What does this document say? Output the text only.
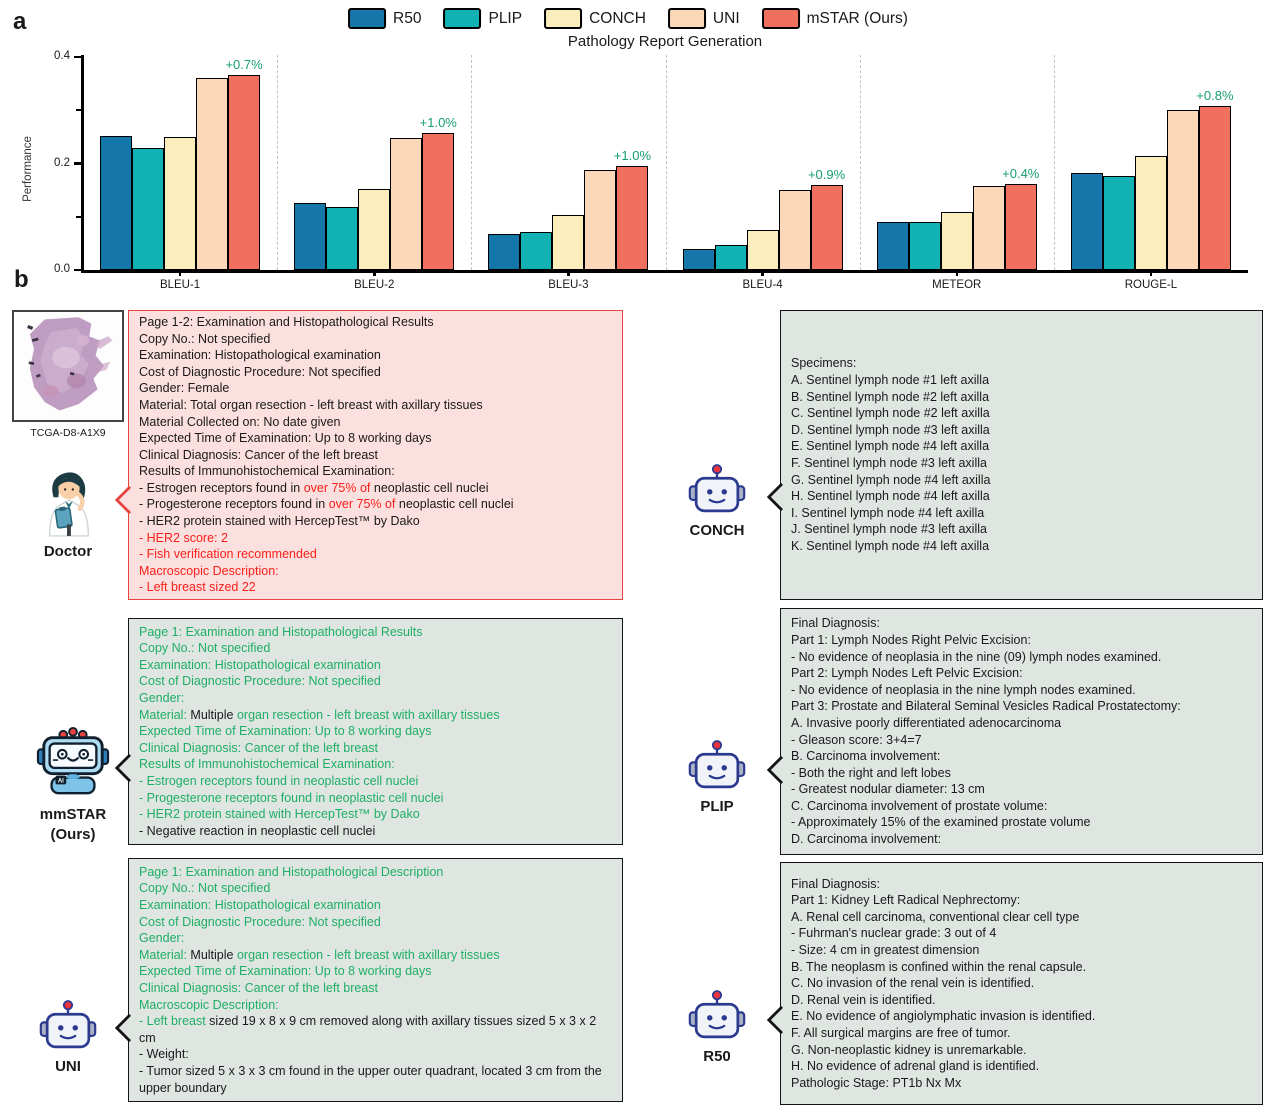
a
b
R50	PLIP	CONCH	UNI	mSTAR (Ours)
Pathology Report Generation
Performance
+0.7%
BLEU-1
+1.0%
BLEU-2
+1.0%
BLEU-3
+0.9%
BLEU-4
+0.4%
METEOR
+0.8%
ROUGE-L
0.0
0.2
0.4
TCGA-D8-A1X9
Doctor
mmSTAR
(Ours)
UNI
CONCH
PLIP
R50
Page 1-2: Examination and Histopathological Results
Copy No.: Not specified
Examination: Histopathological examination
Cost of Diagnostic Procedure: Not specified
Gender: Female
Material: Total organ resection - left breast with axillary tissues
Material Collected on: No date given
Expected Time of Examination: Up to 8 working days
Clinical Diagnosis: Cancer of the left breast
Results of Immunohistochemical Examination:
- Estrogen receptors found in over 75% of neoplastic cell nuclei
- Progesterone receptors found in over 75% of neoplastic cell nuclei
- HER2 protein stained with HercepTest™ by Dako
- HER2 score: 2
- Fish verification recommended
Macroscopic Description:
- Left breast sized 22
Page 1: Examination and Histopathological Results
Copy No.: Not specified
Examination: Histopathological examination
Cost of Diagnostic Procedure: Not specified
Gender:
Material: Multiple organ resection - left breast with axillary tissues
Expected Time of Examination: Up to 8 working days
Clinical Diagnosis: Cancer of the left breast
Results of Immunohistochemical Examination:
- Estrogen receptors found in neoplastic cell nuclei
- Progesterone receptors found in neoplastic cell nuclei
- HER2 protein stained with HercepTest™ by Dako
- Negative reaction in neoplastic cell nuclei
Page 1: Examination and Histopathological Description
Copy No.: Not specified
Examination: Histopathological examination
Cost of Diagnostic Procedure: Not specified
Gender:
Material: Multiple organ resection - left breast with axillary tissues
Expected Time of Examination: Up to 8 working days
Clinical Diagnosis: Cancer of the left breast
Macroscopic Description:
- Left breast sized 19 x 8 x 9 cm removed along with axillary tissues sized 5 x 3 x 2 cm
- Weight:
- Tumor sized 5 x 3 x 3 cm found in the upper outer quadrant, located 3 cm from the upper boundary
Specimens:
A. Sentinel lymph node #1 left axilla
B. Sentinel lymph node #2 left axilla
C. Sentinel lymph node #2 left axilla
D. Sentinel lymph node #3 left axilla
E. Sentinel lymph node #4 left axilla
F. Sentinel lymph node #3 left axilla
G. Sentinel lymph node #4 left axilla
H. Sentinel lymph node #4 left axilla
I. Sentinel lymph node #4 left axilla
J. Sentinel lymph node #3 left axilla
K. Sentinel lymph node #4 left axilla
Final Diagnosis:
Part 1: Lymph Nodes Right Pelvic Excision:
- No evidence of neoplasia in the nine (09) lymph nodes examined.
Part 2: Lymph Nodes Left Pelvic Excision:
- No evidence of neoplasia in the nine lymph nodes examined.
Part 3: Prostate and Bilateral Seminal Vesicles Radical Prostatectomy:
A. Invasive poorly differentiated adenocarcinoma
- Gleason score: 3+4=7
B. Carcinoma involvement:
- Both the right and left lobes
- Greatest nodular diameter: 13 cm
C. Carcinoma involvement of prostate volume:
- Approximately 15% of the examined prostate volume
D. Carcinoma involvement:
Final Diagnosis:
Part 1: Kidney Left Radical Nephrectomy:
A. Renal cell carcinoma, conventional clear cell type
- Fuhrman's nuclear grade: 3 out of 4
- Size: 4 cm in greatest dimension
B. The neoplasm is confined within the renal capsule.
C. No invasion of the renal vein is identified.
D. Renal vein is identified.
E. No evidence of angiolymphatic invasion is identified.
F. All surgical margins are free of tumor.
G. Non-neoplastic kidney is unremarkable.
H. No evidence of adrenal gland is identified.
Pathologic Stage: PT1b Nx Mx
